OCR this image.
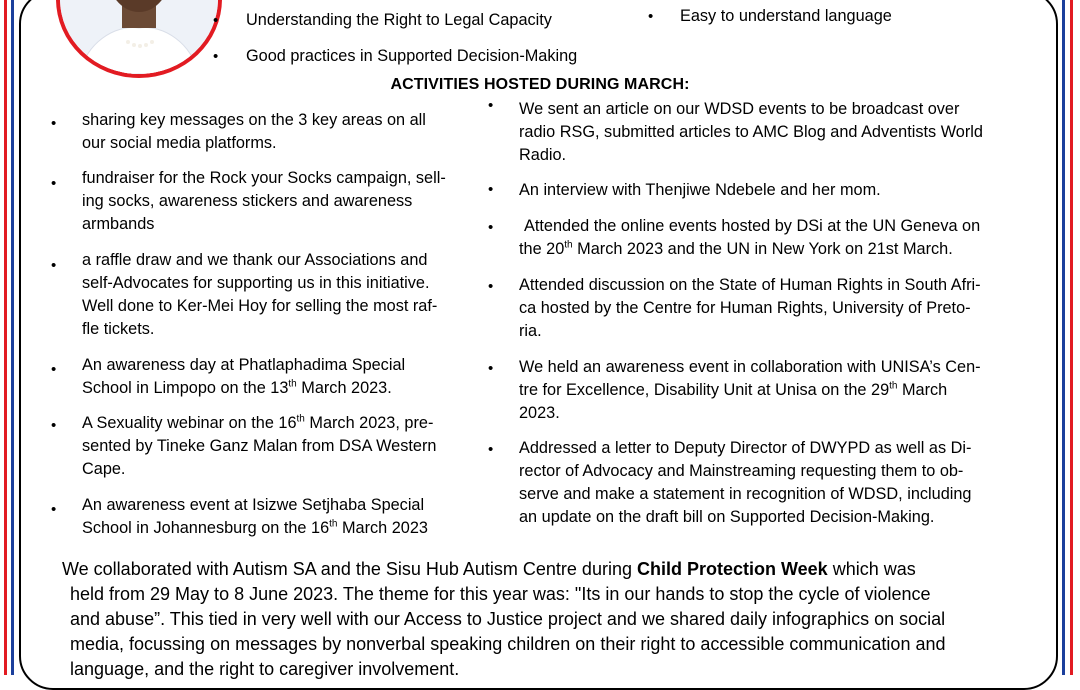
• Understanding the Right to Legal Capacity
• Good practices in Supported Decision-Making
• Easy to understand language
ACTIVITIES HOSTED DURING MARCH:
• sharing key messages on the 3 key areas on all
our social media platforms.
• fundraiser for the Rock your Socks campaign, sell-
ing socks, awareness stickers and awareness
armbands
• a raffle draw and we thank our Associations and
self-Advocates for supporting us in this initiative.
Well done to Ker-Mei Hoy for selling the most raf-
fle tickets.
• An awareness day at Phatlaphadima Special
School in Limpopo on the 13th March 2023.
• A Sexuality webinar on the 16th March 2023, pre-
sented by Tineke Ganz Malan from DSA Western
Cape.
• An awareness event at Isizwe Setjhaba Special
School in Johannesburg on the 16th March 2023
• We sent an article on our WDSD events to be broadcast over
radio RSG, submitted articles to AMC Blog and Adventists World
Radio.
• An interview with Thenjiwe Ndebele and her mom.
•	Attended the online events hosted by DSi at the UN Geneva on
the 20th March 2023 and the UN in New York on 21st March.
• Attended discussion on the State of Human Rights in South Afri-
ca hosted by the Centre for Human Rights, University of Preto-
ria.
• We held an awareness event in collaboration with UNISA’s Cen-
tre for Excellence, Disability Unit at Unisa on the 29th March
2023.
• Addressed a letter to Deputy Director of DWYPD as well as Di-
rector of Advocacy and Mainstreaming requesting them to ob-
serve and make a statement in recognition of WDSD, including
an update on the draft bill on Supported Decision-Making.
We collaborated with Autism SA and the Sisu Hub Autism Centre during Child Protection Week which was
held from 29 May to 8 June 2023. The theme for this year was: "Its in our hands to stop the cycle of violence
and abuse”. This tied in very well with our Access to Justice project and we shared daily infographics on social
media, focussing on messages by nonverbal speaking children on their right to accessible communication and
language, and the right to caregiver involvement.
